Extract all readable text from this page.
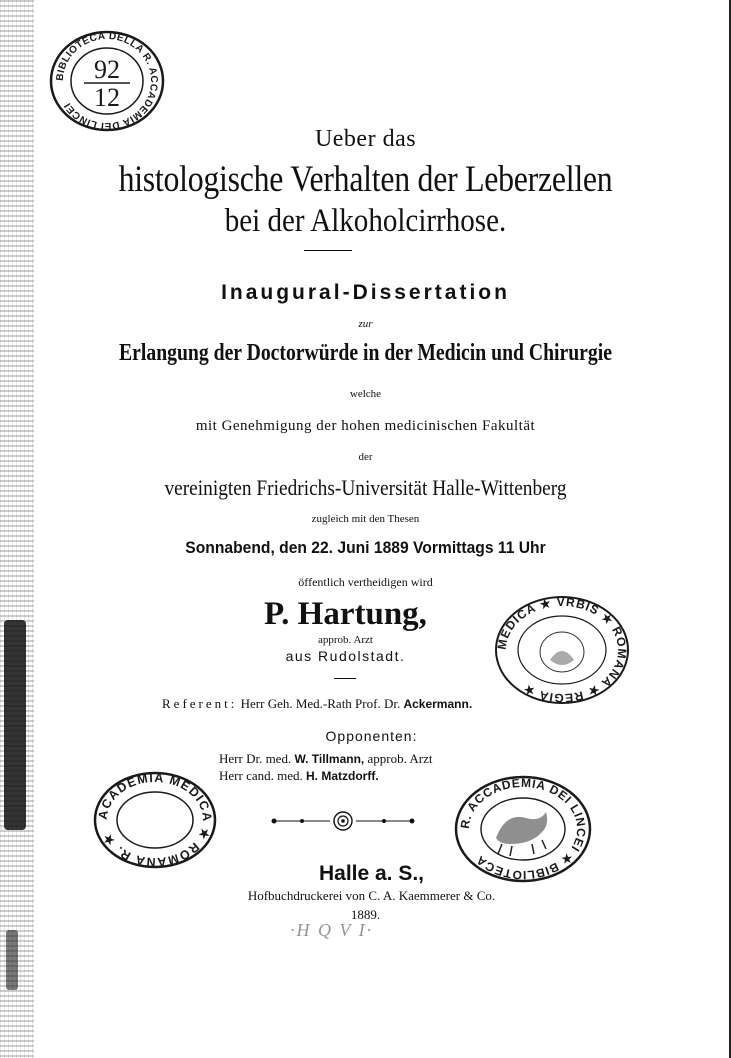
BIBLIOTECA DELLA R. ACCADEMIA DEI LINCEI
92
12
Ueber das
histologische Verhalten der Leberzellen
bei der Alkoholcirrhose.
Inaugural-Dissertation
zur
Erlangung der Doctorwürde in der Medicin und Chirurgie
welche
mit Genehmigung der hohen medicinischen Fakultät
der
vereinigten Friedrichs-Universität Halle-Wittenberg
zugleich mit den Thesen
Sonnabend, den 22. Juni 1889 Vormittags 11 Uhr
öffentlich vertheidigen wird
P. Hartung,
approb. Arzt
aus Rudolstadt.
MEDICA ★ VRBIS ★ ROMANA ★ REGIA ★
Referent: Herr Geh. Med.-Rath Prof. Dr. Ackermann.
Opponenten:
Herr Dr. med. W. Tillmann, approb. Arzt
Herr cand. med. H. Matzdorff.
ACADEMIA MEDICA ★ ROMANA R. ★
R. ACCADEMIA DEI LINCEI ★ BIBLIOTECA
Halle a. S.,
Hofbuchdruckerei von C. A. Kaemmerer & Co.
1889.
·H Q V I·
